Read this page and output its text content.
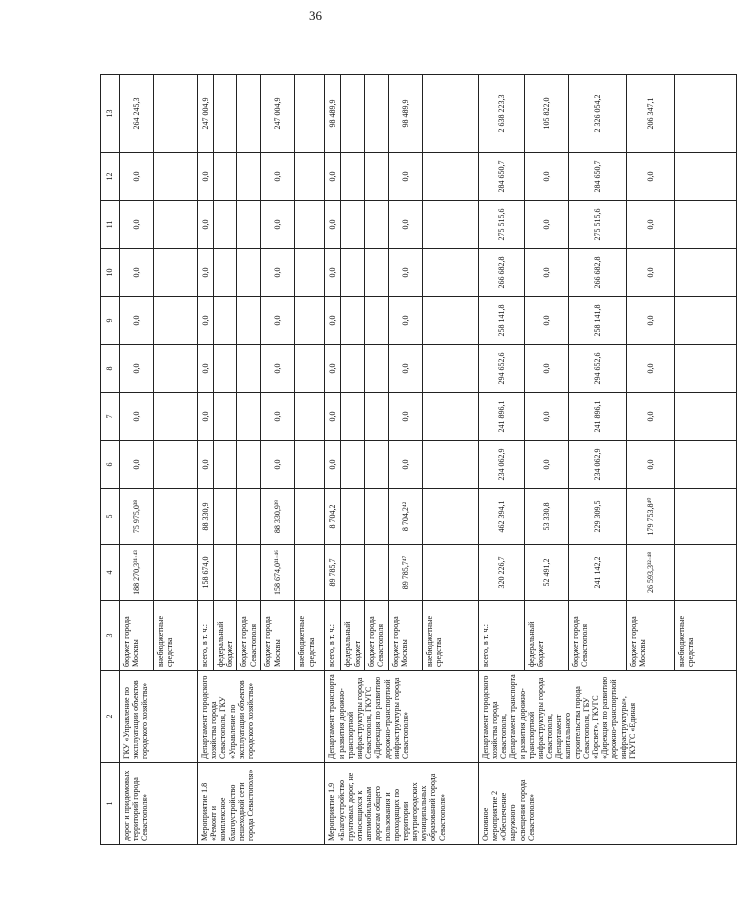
36
1	2	3	4	5	6	7	8	9	10	11	12	13
дорог и придомовых территорий города Севастополя»	ГКУ «Управление по эксплуатации объектов городского хозяйства»	бюджет города Москвы	188 270,3³¹·⁴³	75 975,0³⁸	0,0	0,0	0,0	0,0	0,0	0,0	0,0	264 245,3
		внебюджетные средства										
Мероприятие 1.8 «Ремонт и комплексное благоустройство пешеходной сети города Севастополя»	Департамент городского хозяйства города Севастополя, ГКУ «Управление по эксплуатации объектов городского хозяйства»	всего, в т. ч.:	158 674,0	88 330,9	0,0	0,0	0,0	0,0	0,0	0,0	0,0	247 004,9
		федеральный бюджет										
		бюджет города Севастополя										
		бюджет города Москвы	158 674,0³¹·⁴⁶	88 330,9³⁹	0,0	0,0	0,0	0,0	0,0	0,0	0,0	247 004,9
		внебюджетные средства										
Мероприятие 1.9 «Благоустройство грунтовых дорог, не относящихся к автомобильным дорогам общего пользования и проходящих по территории внутригородских муниципальных образований города Севастополя»	Департамент транспорта и развития дорожно-транспортной инфраструктуры города Севастополя, ГКУГС «Дирекция по развитию дорожно-транспортной инфраструктуры города Севастополя»	всего, в т. ч.:	89 785,7	8 704,2	0,0	0,0	0,0	0,0	0,0	0,0	0,0	98 489,9
		федеральный бюджет										
		бюджет города Севастополя										
		бюджет города Москвы	89 785,7⁴⁷	8 704,2⁴²	0,0	0,0	0,0	0,0	0,0	0,0	0,0	98 489,9
		внебюджетные средства										
Основное мероприятие 2 «Обеспечение наружного освещения города Севастополя»	Департамент городского хозяйства города Севастополя, Департамент транспорта и развития дорожно-транспортной инфраструктуры города Севастополя, Департамент капитального строительства города Севастополя, ГБУ «Горсвет», ГКУГС «Дирекция по развитию дорожно-транспортной инфраструктуры», ГКУГС «Единая	всего, в т. ч.:	320 226,7	462 394,1	234 062,9	241 896,1	294 652,6	258 141,8	266 682,8	275 515,6	284 650,7	2 638 223,3
		федеральный бюджет	52 491,2	53 330,8	0,0	0,0	0,0	0,0	0,0	0,0	0,0	105 822,0
		бюджет города Севастополя	241 142,2	229 309,5	234 062,9	241 896,1	294 652,6	258 141,8	266 682,8	275 515,6	284 650,7	2 326 054,2
		бюджет города Москвы	26 593,3³²·⁴⁸	179 753,8⁴⁰	0,0	0,0	0,0	0,0	0,0	0,0	0,0	206 347,1
		внебюджетные средства										
